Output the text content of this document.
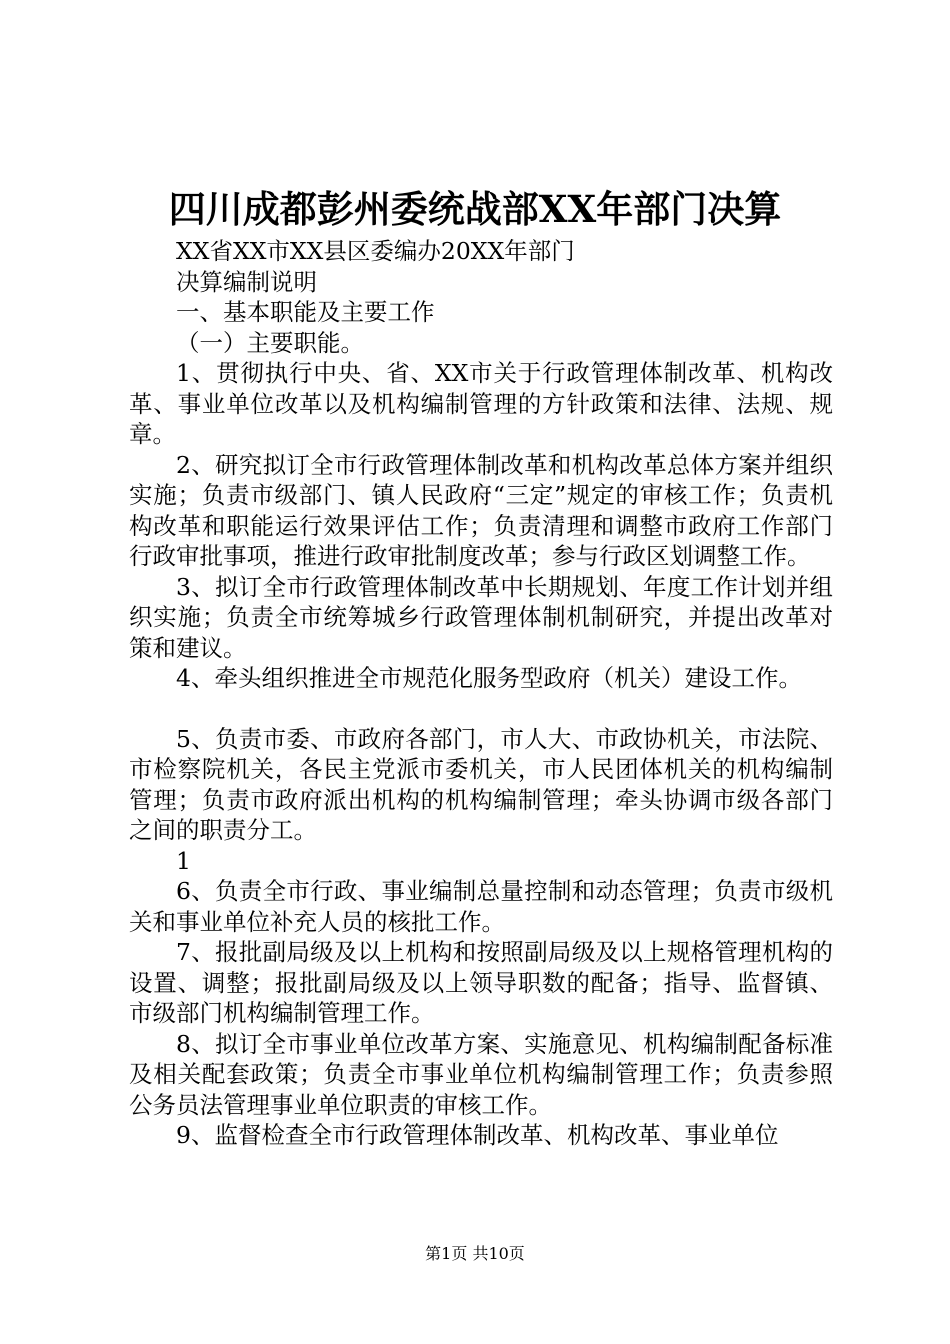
四川成都彭州委统战部XX年部门决算

XX省XX市XX县区委编办20XX年部门

决算编制说明

一、基本职能及主要工作

（一）主要职能。

1、贯彻执行中央、省、XX市关于行政管理体制改革、机构改革、事业单位改革以及机构编制管理的方针政策和法律、法规、规章。

2、研究拟订全市行政管理体制改革和机构改革总体方案并组织实施；负责市级部门、镇人民政府“三定”规定的审核工作；负责机构改革和职能运行效果评估工作；负责清理和调整市政府工作部门行政审批事项，推进行政审批制度改革；参与行政区划调整工作。

3、拟订全市行政管理体制改革中长期规划、年度工作计划并组织实施；负责全市统筹城乡行政管理体制机制研究，并提出改革对策和建议。

4、牵头组织推进全市规范化服务型政府（机关）建设工作。

5、负责市委、市政府各部门，市人大、市政协机关，市法院、市检察院机关，各民主党派市委机关，市人民团体机关的机构编制管理；负责市政府派出机构的机构编制管理；牵头协调市级各部门之间的职责分工。

1

6、负责全市行政、事业编制总量控制和动态管理；负责市级机关和事业单位补充人员的核批工作。

7、报批副局级及以上机构和按照副局级及以上规格管理机构的设置、调整；报批副局级及以上领导职数的配备；指导、监督镇、市级部门机构编制管理工作。

8、拟订全市事业单位改革方案、实施意见、机构编制配备标准及相关配套政策；负责全市事业单位机构编制管理工作；负责参照公务员法管理事业单位职责的审核工作。

9、监督检查全市行政管理体制改革、机构改革、事业单位

第1页 共10页
